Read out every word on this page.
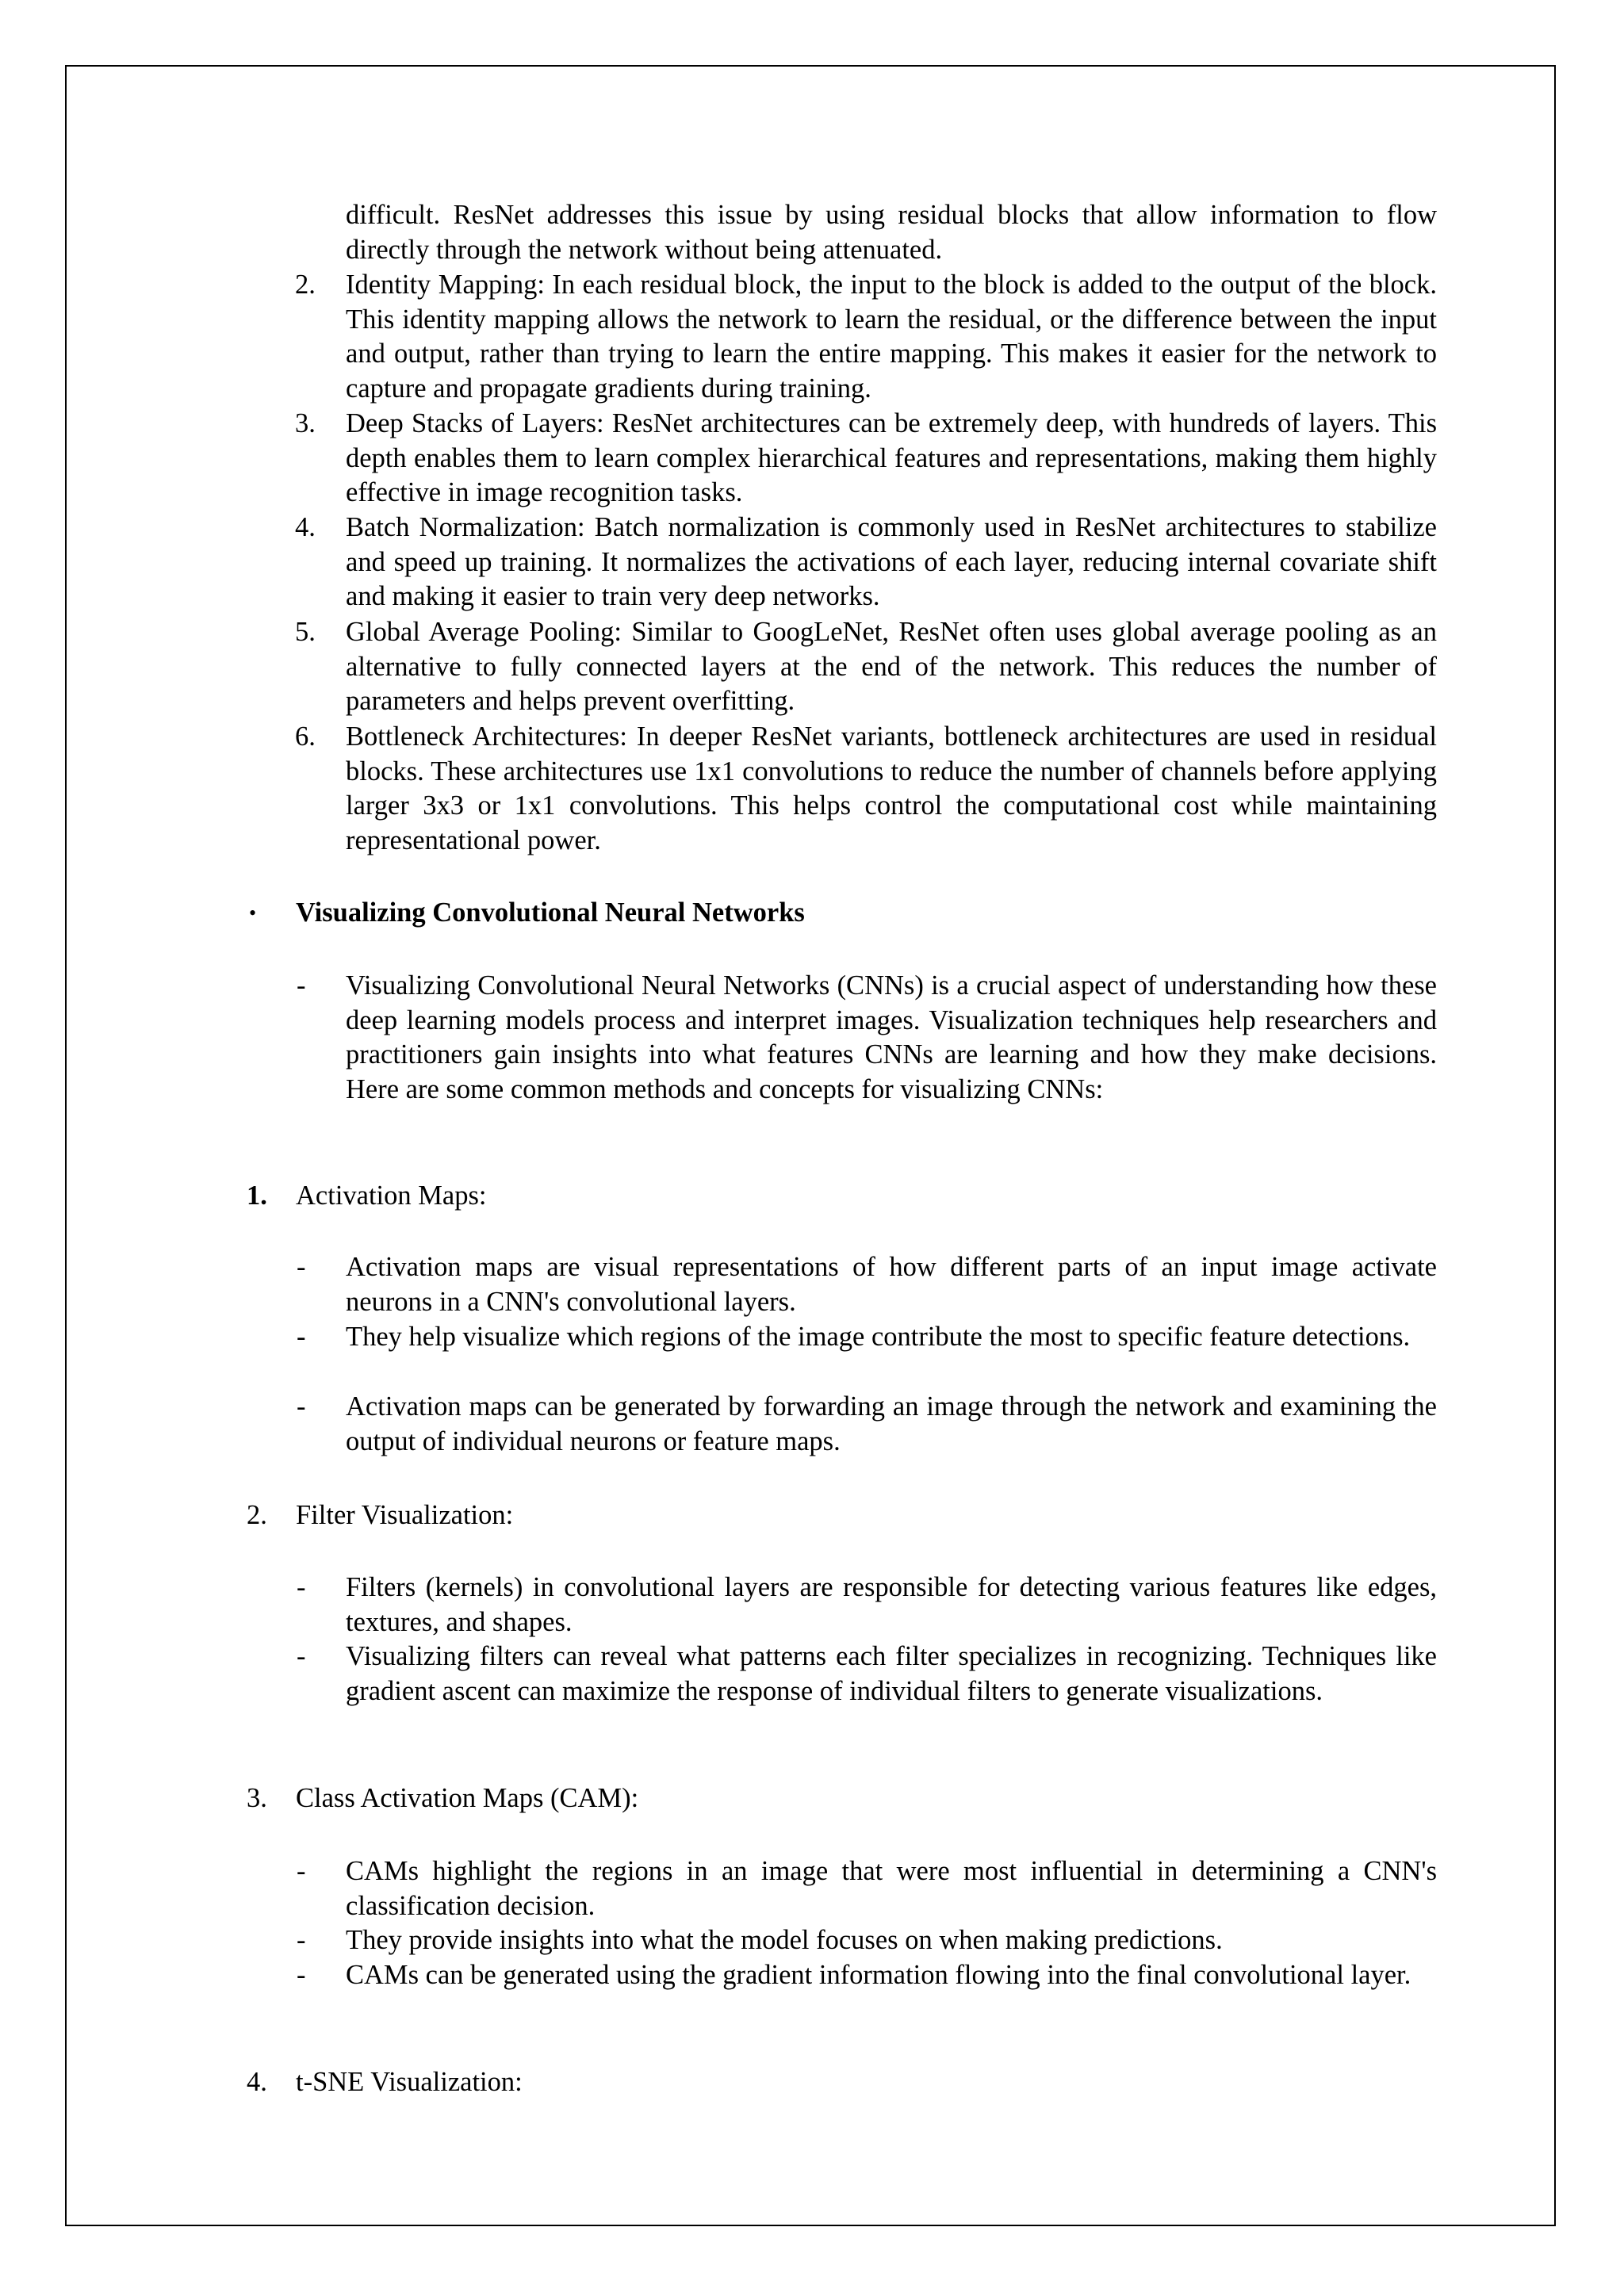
difficult. ResNet addresses this issue by using residual blocks that allow information to flow directly through the network without being attenuated.

2. Identity Mapping: In each residual block, the input to the block is added to the output of the block. This identity mapping allows the network to learn the residual, or the difference between the input and output, rather than trying to learn the entire mapping. This makes it easier for the network to capture and propagate gradients during training.

3. Deep Stacks of Layers: ResNet architectures can be extremely deep, with hundreds of layers. This depth enables them to learn complex hierarchical features and representations, making them highly effective in image recognition tasks.

4. Batch Normalization: Batch normalization is commonly used in ResNet architectures to stabilize and speed up training. It normalizes the activations of each layer, reducing internal covariate shift and making it easier to train very deep networks.

5. Global Average Pooling: Similar to GoogLeNet, ResNet often uses global average pooling as an alternative to fully connected layers at the end of the network. This reduces the number of parameters and helps prevent overfitting.

6. Bottleneck Architectures: In deeper ResNet variants, bottleneck architectures are used in residual blocks. These architectures use 1x1 convolutions to reduce the number of channels before applying larger 3x3 or 1x1 convolutions. This helps control the computational cost while maintaining representational power.

• Visualizing Convolutional Neural Networks

- Visualizing Convolutional Neural Networks (CNNs) is a crucial aspect of understanding how these deep learning models process and interpret images. Visualization techniques help researchers and practitioners gain insights into what features CNNs are learning and how they make decisions. Here are some common methods and concepts for visualizing CNNs:

1. Activation Maps:

- Activation maps are visual representations of how different parts of an input image activate neurons in a CNN's convolutional layers.

- They help visualize which regions of the image contribute the most to specific feature detections.

- Activation maps can be generated by forwarding an image through the network and examining the output of individual neurons or feature maps.

2. Filter Visualization:

- Filters (kernels) in convolutional layers are responsible for detecting various features like edges, textures, and shapes.

- Visualizing filters can reveal what patterns each filter specializes in recognizing. Techniques like gradient ascent can maximize the response of individual filters to generate visualizations.

3. Class Activation Maps (CAM):

- CAMs highlight the regions in an image that were most influential in determining a CNN's classification decision.

- They provide insights into what the model focuses on when making predictions.

- CAMs can be generated using the gradient information flowing into the final convolutional layer.

4. t-SNE Visualization:
